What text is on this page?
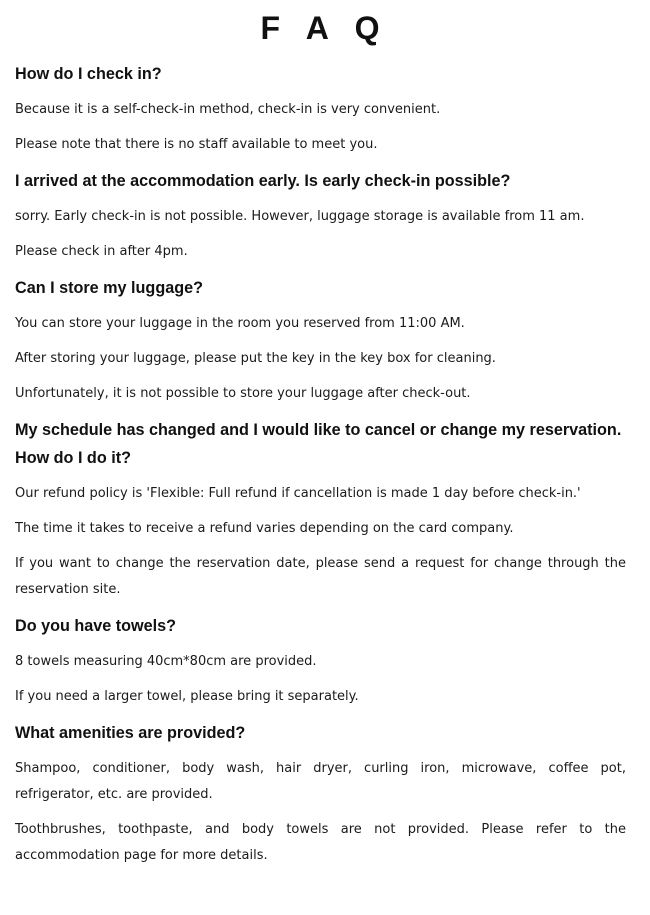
F A Q
How do I check in?

Because it is a self-check-in method, check-in is very convenient.

Please note that there is no staff available to meet you.

I arrived at the accommodation early. Is early check-in possible?

sorry. Early check-in is not possible. However, luggage storage is available from 11 am.

Please check in after 4pm.

Can I store my luggage?

You can store your luggage in the room you reserved from 11:00 AM.

After storing your luggage, please put the key in the key box for cleaning.

Unfortunately, it is not possible to store your luggage after check-out.

My schedule has changed and I would like to cancel or change my reservation. How do I do it?

Our refund policy is 'Flexible: Full refund if cancellation is made 1 day before check-in.'

The time it takes to receive a refund varies depending on the card company.

If you want to change the reservation date, please send a request for change through the reservation site.

Do you have towels?

8 towels measuring 40cm*80cm are provided.

If you need a larger towel, please bring it separately.

What amenities are provided?

Shampoo, conditioner, body wash, hair dryer, curling iron, microwave, coffee pot, refrigerator, etc. are provided.

Toothbrushes, toothpaste, and body towels are not provided. Please refer to the accommodation page for more details.
